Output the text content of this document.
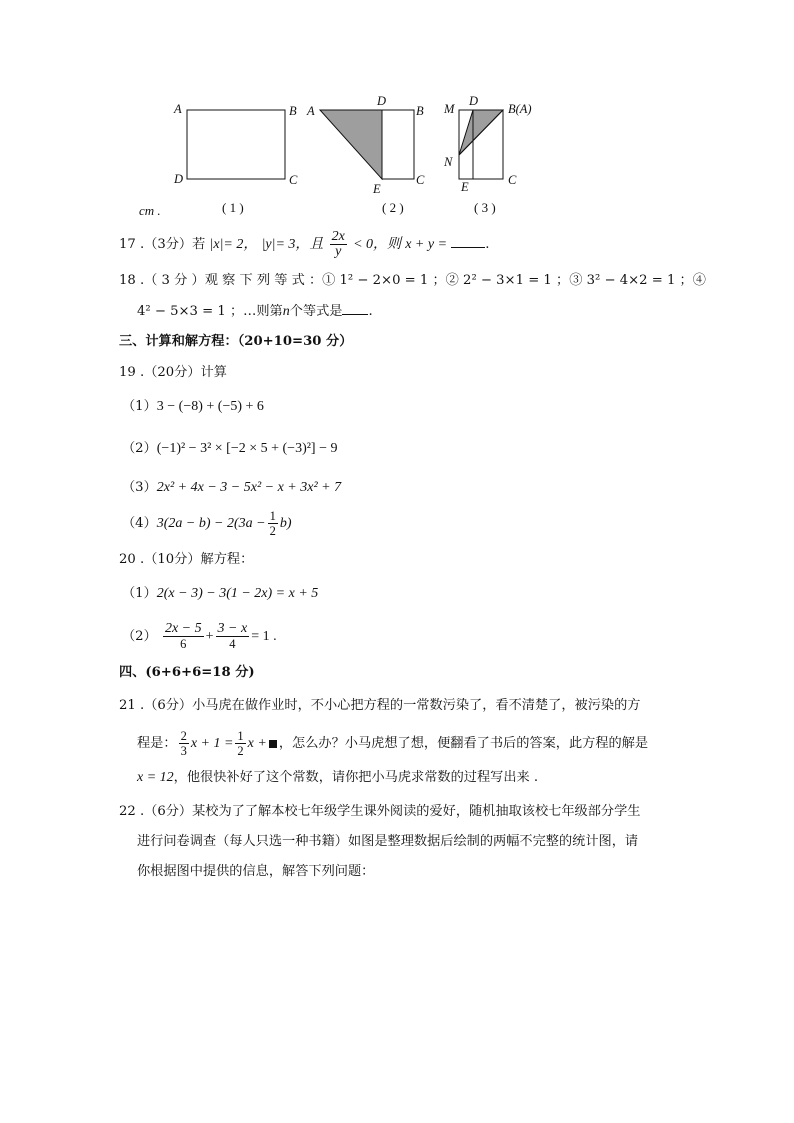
A	B
D	C
( 1 )
A
D
B
E
C
( 2 )
M
D
B(A)
N
E	C
( 3 )
cm .
17 .（3分）若 |x|= 2， |y|= 3，且 $\frac{2x}{y} < 0$，则 x + y =	.
18 .（ 3 分 ）观 察 下 列 等 式 ：① 1² − 2×0 = 1 ；② 2² − 3×1 = 1 ；③ 3² − 4×2 = 1 ；④
4² − 5×3 = 1 ；…则第n个等式是 .
三、计算和解方程：（20+10=30 分）
19 .（20分）计算
（1）3 − (−8) + (−5) + 6
（2）(−1)² − 3² × [−2 × 5 + (−3)²] − 9
（3）2x² + 4x − 3 − 5x² − x + 3x² + 7
$(4)3(2a - b) - 2(3a - \frac{1}{2} b)$
20 .（10分）解方程：
（1）2(x − 3) − 3(1 − 2x) = x + 5
$(2) \frac{2x - 5}{6} + \frac{3 - x}{4} = 1$ .
四、(6+6+6=18 分)
21 .（6分）小马虎在做作业时，不小心把方程的一常数污染了，看不清楚了，被污染的方
程是： $\frac{2}{3}$ $x + 1 = \frac{1}{2}$ x + ，怎么办？小马虎想了想，便翻看了书后的答案，此方程的解是
x = 12，他很快补好了这个常数，请你把小马虎求常数的过程写出来 .
22 .（6分）某校为了了解本校七年级学生课外阅读的爱好，随机抽取该校七年级部分学生
进行问卷调查（每人只选一种书籍）如图是整理数据后绘制的两幅不完整的统计图，请
你根据图中提供的信息，解答下列问题：
